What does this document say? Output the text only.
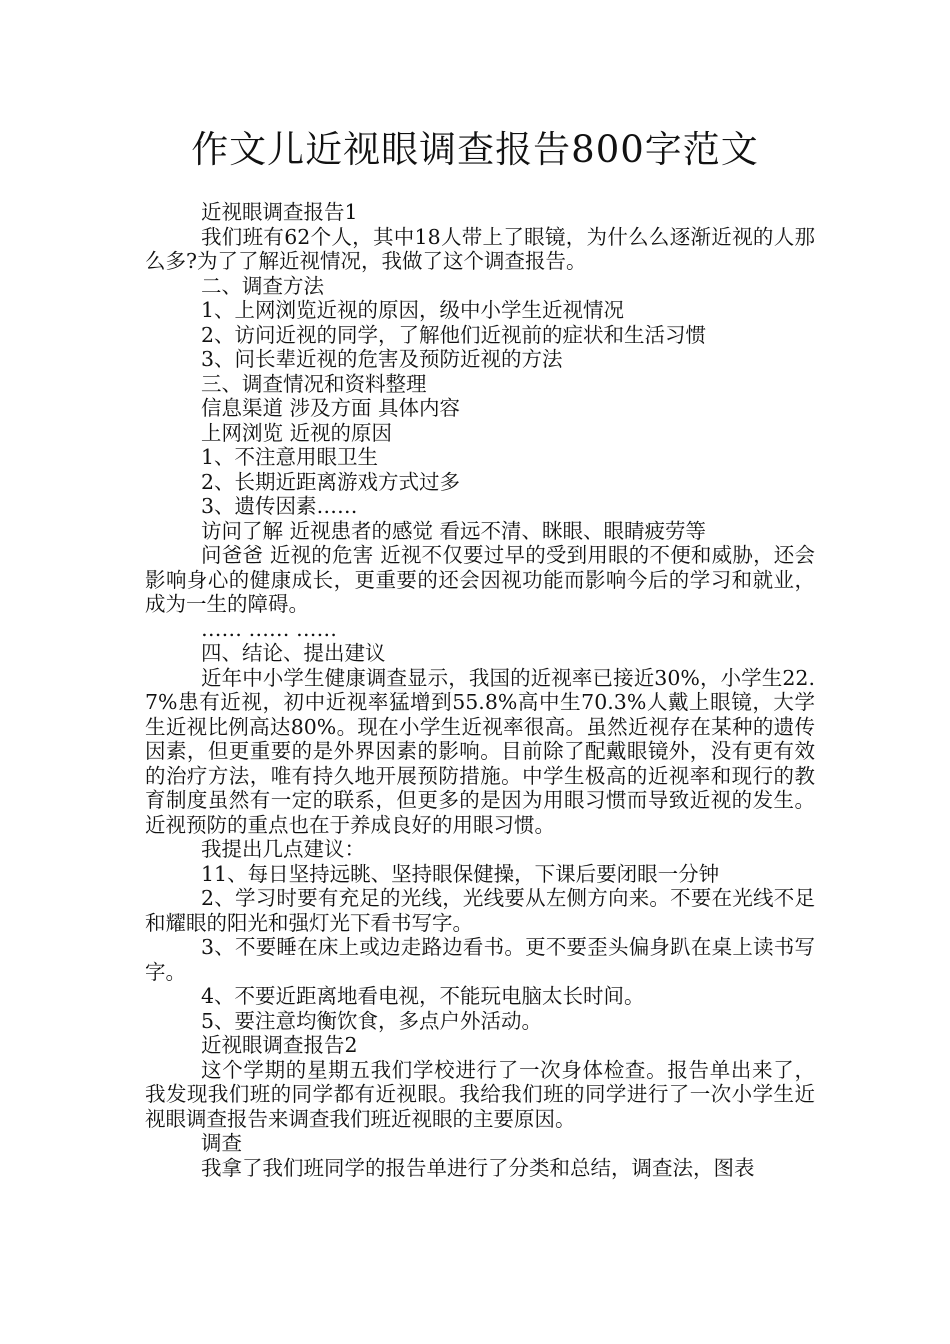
作文儿近视眼调查报告800字范文

近视眼调查报告1

我们班有62个人，其中18人带上了眼镜，为什么么逐渐近视的人那么多?为了了解近视情况，我做了这个调查报告。

二、调查方法

1、上网浏览近视的原因，级中小学生近视情况

2、访问近视的同学，了解他们近视前的症状和生活习惯

3、问长辈近视的危害及预防近视的方法

三、调查情况和资料整理

信息渠道 涉及方面 具体内容

上网浏览 近视的原因

1、不注意用眼卫生

2、长期近距离游戏方式过多

3、遗传因素……

访问了解 近视患者的感觉 看远不清、眯眼、眼睛疲劳等

问爸爸 近视的危害 近视不仅要过早的受到用眼的不便和威胁，还会影响身心的健康成长，更重要的还会因视功能而影响今后的学习和就业，成为一生的障碍。

…… …… ……

四、结论、提出建议

近年中小学生健康调查显示，我国的近视率已接近30%，小学生22.7%患有近视，初中近视率猛增到55.8%高中生70.3%人戴上眼镜，大学生近视比例高达80%。现在小学生近视率很高。虽然近视存在某种的遗传因素，但更重要的是外界因素的影响。目前除了配戴眼镜外，没有更有效的治疗方法，唯有持久地开展预防措施。中学生极高的近视率和现行的教育制度虽然有一定的联系，但更多的是因为用眼习惯而导致近视的发生。近视预防的重点也在于养成良好的用眼习惯。

我提出几点建议：

11、每日坚持远眺、坚持眼保健操，下课后要闭眼一分钟

2、学习时要有充足的光线，光线要从左侧方向来。不要在光线不足和耀眼的阳光和强灯光下看书写字。

3、不要睡在床上或边走路边看书。更不要歪头偏身趴在桌上读书写字。

4、不要近距离地看电视，不能玩电脑太长时间。

5、要注意均衡饮食，多点户外活动。

近视眼调查报告2

这个学期的星期五我们学校进行了一次身体检查。报告单出来了，我发现我们班的同学都有近视眼。我给我们班的同学进行了一次小学生近视眼调查报告来调查我们班近视眼的主要原因。

调查

我拿了我们班同学的报告单进行了分类和总结，调查法，图表
